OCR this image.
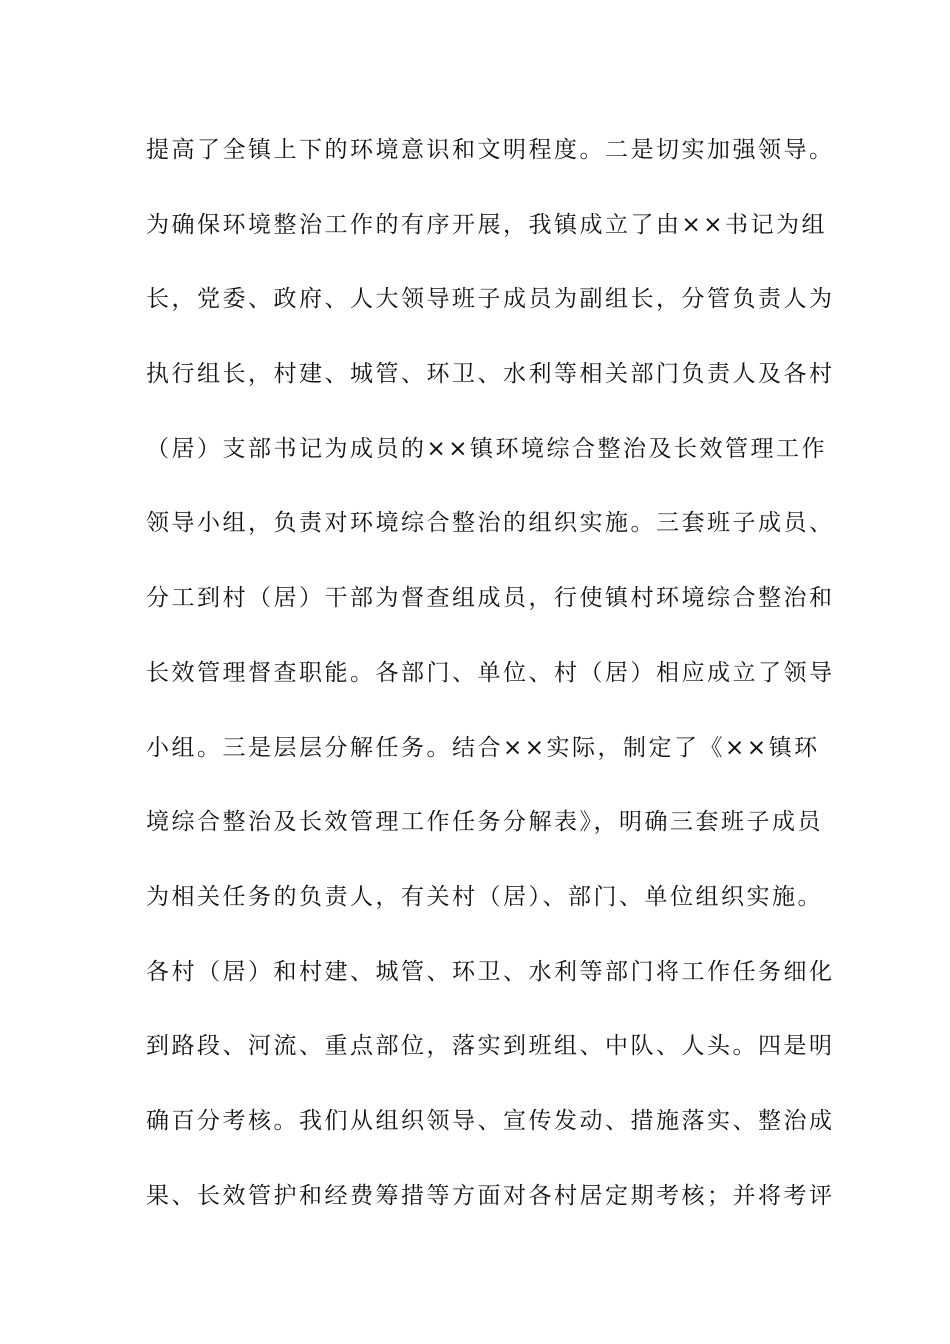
提高了全镇上下的环境意识和文明程度。二是切实加强领导。
为确保环境整治工作的有序开展，我镇成立了由××书记为组
长，党委、政府、人大领导班子成员为副组长，分管负责人为
执行组长，村建、城管、环卫、水利等相关部门负责人及各村
（居）支部书记为成员的××镇环境综合整治及长效管理工作
领导小组，负责对环境综合整治的组织实施。三套班子成员、
分工到村（居）干部为督查组成员，行使镇村环境综合整治和
长效管理督查职能。各部门、单位、村（居）相应成立了领导
小组。三是层层分解任务。结合××实际，制定了《××镇环
境综合整治及长效管理工作任务分解表》，明确三套班子成员
为相关任务的负责人，有关村（居）、部门、单位组织实施。
各村（居）和村建、城管、环卫、水利等部门将工作任务细化
到路段、河流、重点部位，落实到班组、中队、人头。四是明
确百分考核。我们从组织领导、宣传发动、措施落实、整治成
果、长效管护和经费筹措等方面对各村居定期考核；并将考评
